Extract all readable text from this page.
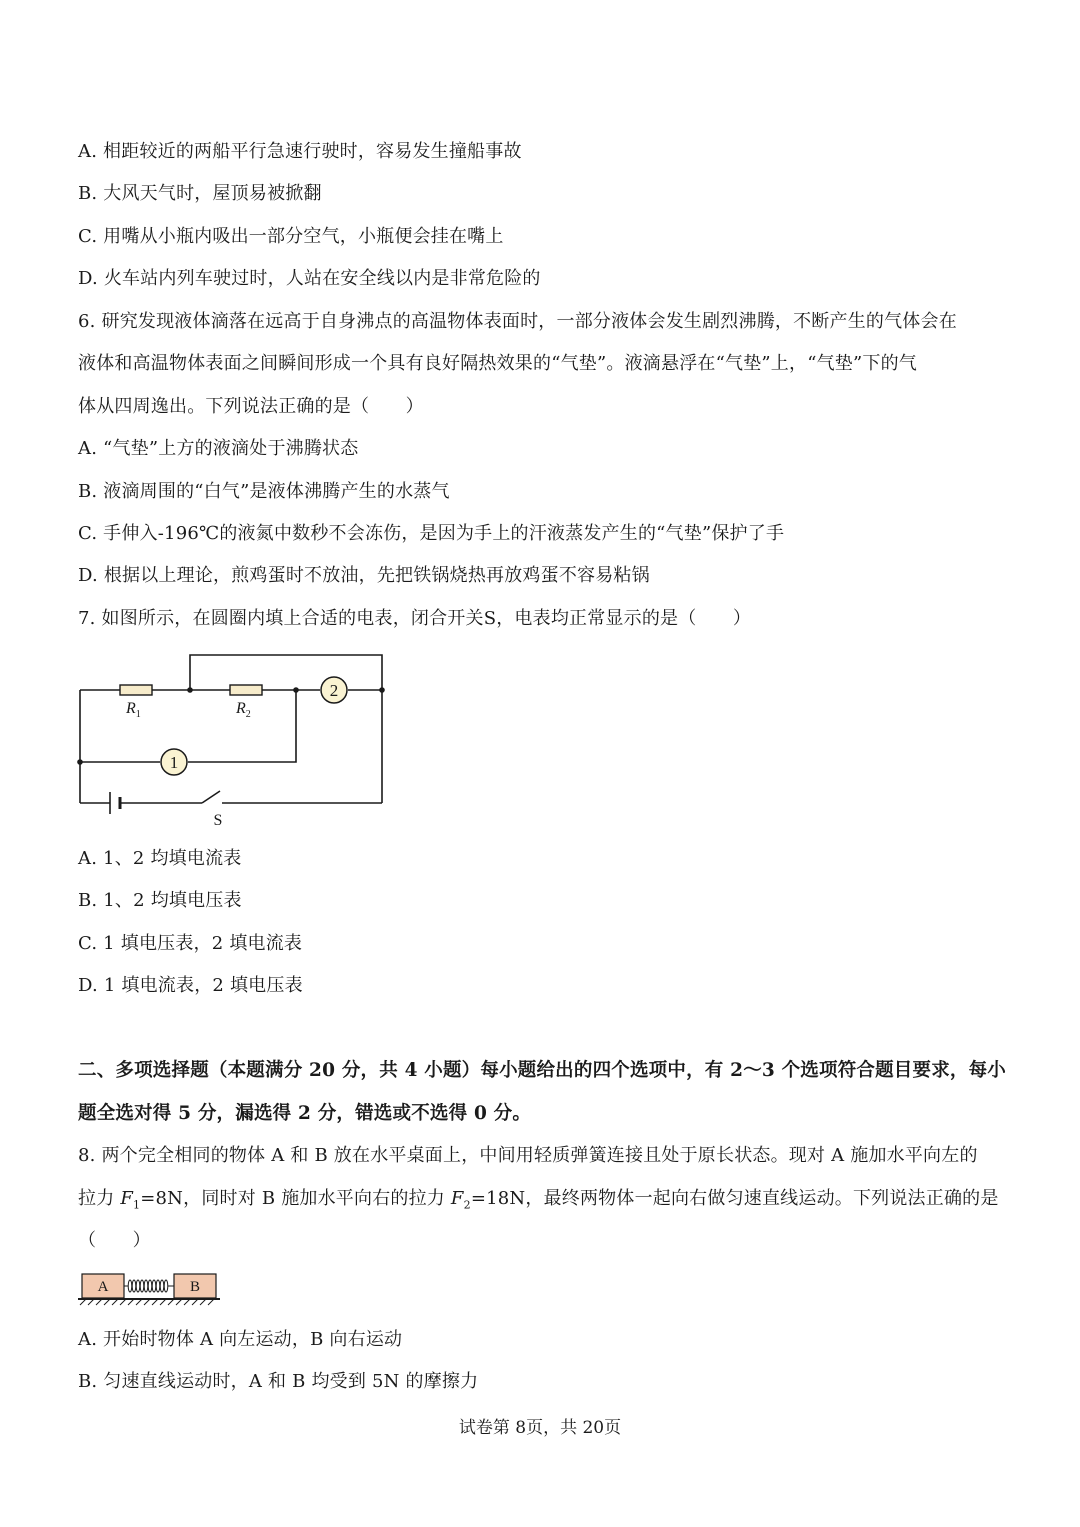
A. 相距较近的两船平行急速行驶时，容易发生撞船事故
B. 大风天气时，屋顶易被掀翻
C. 用嘴从小瓶内吸出一部分空气，小瓶便会挂在嘴上
D. 火车站内列车驶过时，人站在安全线以内是非常危险的
6. 研究发现液体滴落在远高于自身沸点的高温物体表面时，一部分液体会发生剧烈沸腾，不断产生的气体会在
液体和高温物体表面之间瞬间形成一个具有良好隔热效果的“气垫”。液滴悬浮在“气垫”上，“气垫”下的气
体从四周逸出。下列说法正确的是（　　）
A. “气垫”上方的液滴处于沸腾状态
B. 液滴周围的“白气”是液体沸腾产生的水蒸气
C. 手伸入-196℃的液氮中数秒不会冻伤，是因为手上的汗液蒸发产生的“气垫”保护了手
D. 根据以上理论，煎鸡蛋时不放油，先把铁锅烧热再放鸡蛋不容易粘锅
7. 如图所示，在圆圈内填上合适的电表，闭合开关S，电表均正常显示的是（　　）
2
1
S
$R_1$	$R_2$
A. 1、2 均填电流表
B. 1、2 均填电压表
C. 1 填电压表，2 填电流表
D. 1 填电流表，2 填电压表
二、多项选择题（本题满分 20 分，共 4 小题）每小题给出的四个选项中，有 2～3 个选项符合题目要求，每小
题全选对得 5 分，漏选得 2 分，错选或不选得 0 分。
8. 两个完全相同的物体 A 和 B 放在水平桌面上，中间用轻质弹簧连接且处于原长状态。现对 A 施加水平向左的
拉力 $F_1=8N$，同时对 B 施加水平向右的拉力 $F_2=18N$，最终两物体一起向右做匀速直线运动。下列说法正确的是
（　　）
A	B
A. 开始时物体 A 向左运动，B 向右运动
B. 匀速直线运动时，A 和 B 均受到 5N 的摩擦力
试卷第 8页，共 20页
